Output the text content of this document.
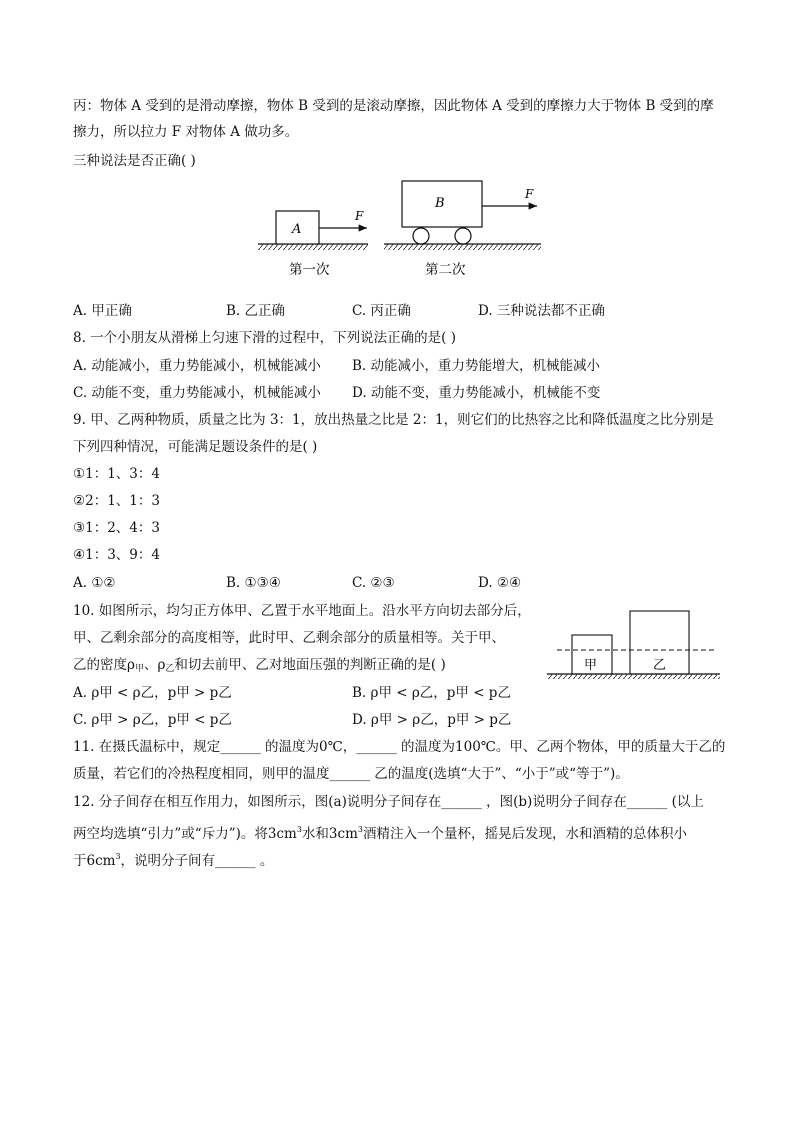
丙：物体 A 受到的是滑动摩擦，物体 B 受到的是滚动摩擦，因此物体 A 受到的摩擦力大于物体 B 受到的摩
擦力，所以拉力 F 对物体 A 做功多。
三种说法是否正确( )
A
F
第一次
B
F
第二次
A. 甲正确	B. 乙正确	C. 丙正确	D. 三种说法都不正确
8. 一个小朋友从滑梯上匀速下滑的过程中，下列说法正确的是( )
A. 动能减小，重力势能减小，机械能减小 B. 动能减小，重力势能增大，机械能减小
C. 动能不变，重力势能减小，机械能减小 D. 动能不变，重力势能减小，机械能不变
9. 甲、乙两种物质，质量之比为 3：1，放出热量之比是 2：1，则它们的比热容之比和降低温度之比分别是
下列四种情况，可能满足题设条件的是( )
①1：1、3：4
②2：1、1：3
③1：2、4：3
④1：3、9：4
A. ①②	B. ①③④	C. ②③	D. ②④
10. 如图所示，均匀正方体甲、乙置于水平地面上。沿水平方向切去部分后，
甲、乙剩余部分的高度相等，此时甲、乙剩余部分的质量相等。关于甲、
乙的密度$\rho_甲$、$\rho_乙$和切去前甲、乙对地面压强的判断正确的是( )	甲	乙
A. ρ甲 < ρ乙，p甲 > p乙	B. ρ甲 < ρ乙，p甲 < p乙
C. ρ甲 > ρ乙，p甲 < p乙	D. ρ甲 > ρ乙，p甲 > p乙
11. 在摄氏温标中，规定______ 的温度为0℃，______ 的温度为100℃。甲、乙两个物体，甲的质量大于乙的
质量，若它们的冷热程度相同，则甲的温度______ 乙的温度(选填“大于”、“小于”或“等于”)。
12. 分子间存在相互作用力，如图所示，图(a)说明分子间存在______ ，图(b)说明分子间存在______ (以上
两空均选填“引力”或“斥力”)。将$3cm^3$水和$3cm^3$酒精注入一个量杯，摇晃后发现，水和酒精的总体积小
于$6cm^3$，说明分子间有______ 。
